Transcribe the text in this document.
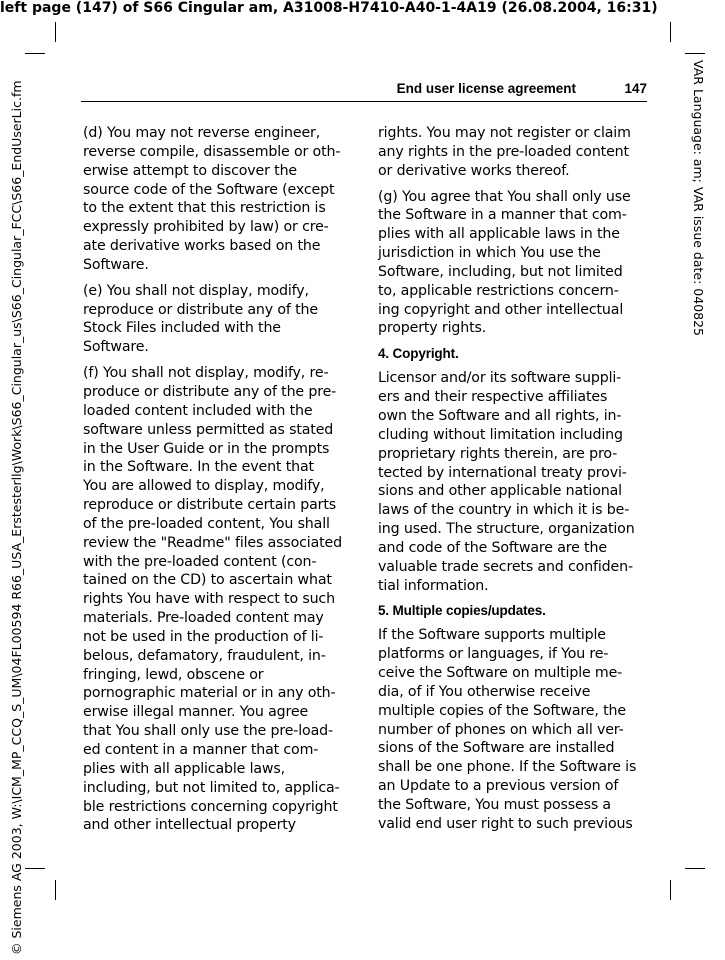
left page (147) of S66 Cingular am, A31008-H7410-A40-1-4A19 (26.08.2004, 16:31)
© Siemens AG 2003, W:\ICM_MP_CCQ_S_UM\04FL00594 R66_USA_Erstesterllg\Work\S66_Cingular_us\S66_Cingular_FCC\S66_EndUserLic.fm	VAR Language: am; VAR issue date: 040825
End user license agreement	147

(d) You may not reverse engineer,
reverse compile, disassemble or oth-
erwise attempt to discover the
source code of the Software (except
to the extent that this restriction is
expressly prohibited by law) or cre-
ate derivative works based on the
Software.

(e) You shall not display, modify,
reproduce or distribute any of the
Stock Files included with the
Software.

(f) You shall not display, modify, re-
produce or distribute any of the pre-
loaded content included with the
software unless permitted as stated
in the User Guide or in the prompts
in the Software. In the event that
You are allowed to display, modify,
reproduce or distribute certain parts
of the pre-loaded content, You shall
review the "Readme" files associated
with the pre-loaded content (con-
tained on the CD) to ascertain what
rights You have with respect to such
materials. Pre-loaded content may
not be used in the production of li-
belous, defamatory, fraudulent, in-
fringing, lewd, obscene or
pornographic material or in any oth-
erwise illegal manner. You agree
that You shall only use the pre-load-
ed content in a manner that com-
plies with all applicable laws,
including, but not limited to, applica-
ble restrictions concerning copyright
and other intellectual property

rights. You may not register or claim
any rights in the pre-loaded content
or derivative works thereof.

(g) You agree that You shall only use
the Software in a manner that com-
plies with all applicable laws in the
jurisdiction in which You use the
Software, including, but not limited
to, applicable restrictions concern-
ing copyright and other intellectual
property rights.

4. Copyright.

Licensor and/or its software suppli-
ers and their respective affiliates
own the Software and all rights, in-
cluding without limitation including
proprietary rights therein, are pro-
tected by international treaty provi-
sions and other applicable national
laws of the country in which it is be-
ing used. The structure, organization
and code of the Software are the
valuable trade secrets and confiden-
tial information.

5. Multiple copies/updates.

If the Software supports multiple
platforms or languages, if You re-
ceive the Software on multiple me-
dia, of if You otherwise receive
multiple copies of the Software, the
number of phones on which all ver-
sions of the Software are installed
shall be one phone. If the Software is
an Update to a previous version of
the Software, You must possess a
valid end user right to such previous
